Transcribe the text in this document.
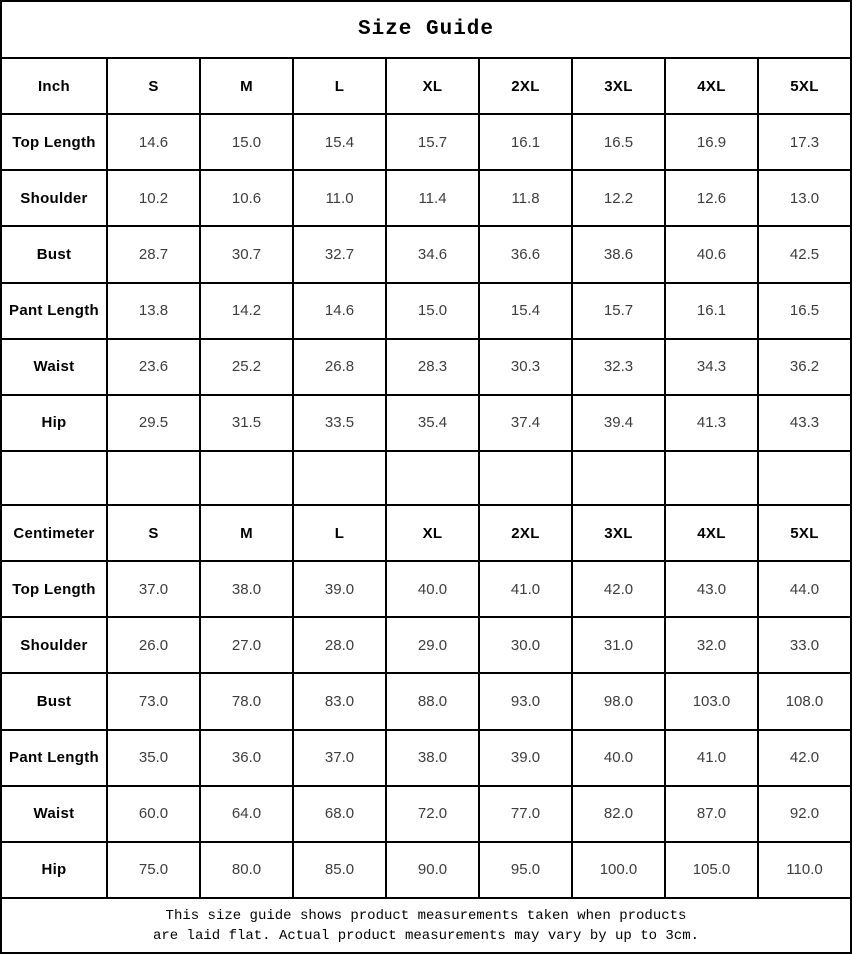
Size Guide								
Inch	S	M	L	XL	2XL	3XL	4XL	5XL
Top Length	14.6	15.0	15.4	15.7	16.1	16.5	16.9	17.3
Shoulder	10.2	10.6	11.0	11.4	11.8	12.2	12.6	13.0
Bust	28.7	30.7	32.7	34.6	36.6	38.6	40.6	42.5
Pant Length	13.8	14.2	14.6	15.0	15.4	15.7	16.1	16.5
Waist	23.6	25.2	26.8	28.3	30.3	32.3	34.3	36.2
Hip	29.5	31.5	33.5	35.4	37.4	39.4	41.3	43.3

Centimeter	S	M	L	XL	2XL	3XL	4XL	5XL
Top Length	37.0	38.0	39.0	40.0	41.0	42.0	43.0	44.0
Shoulder	26.0	27.0	28.0	29.0	30.0	31.0	32.0	33.0
Bust	73.0	78.0	83.0	88.0	93.0	98.0	103.0	108.0
Pant Length	35.0	36.0	37.0	38.0	39.0	40.0	41.0	42.0
Waist	60.0	64.0	68.0	72.0	77.0	82.0	87.0	92.0
Hip	75.0	80.0	85.0	90.0	95.0	100.0	105.0	110.0

This size guide shows product measurements taken when products
are laid flat. Actual product measurements may vary by up to 3cm.								
